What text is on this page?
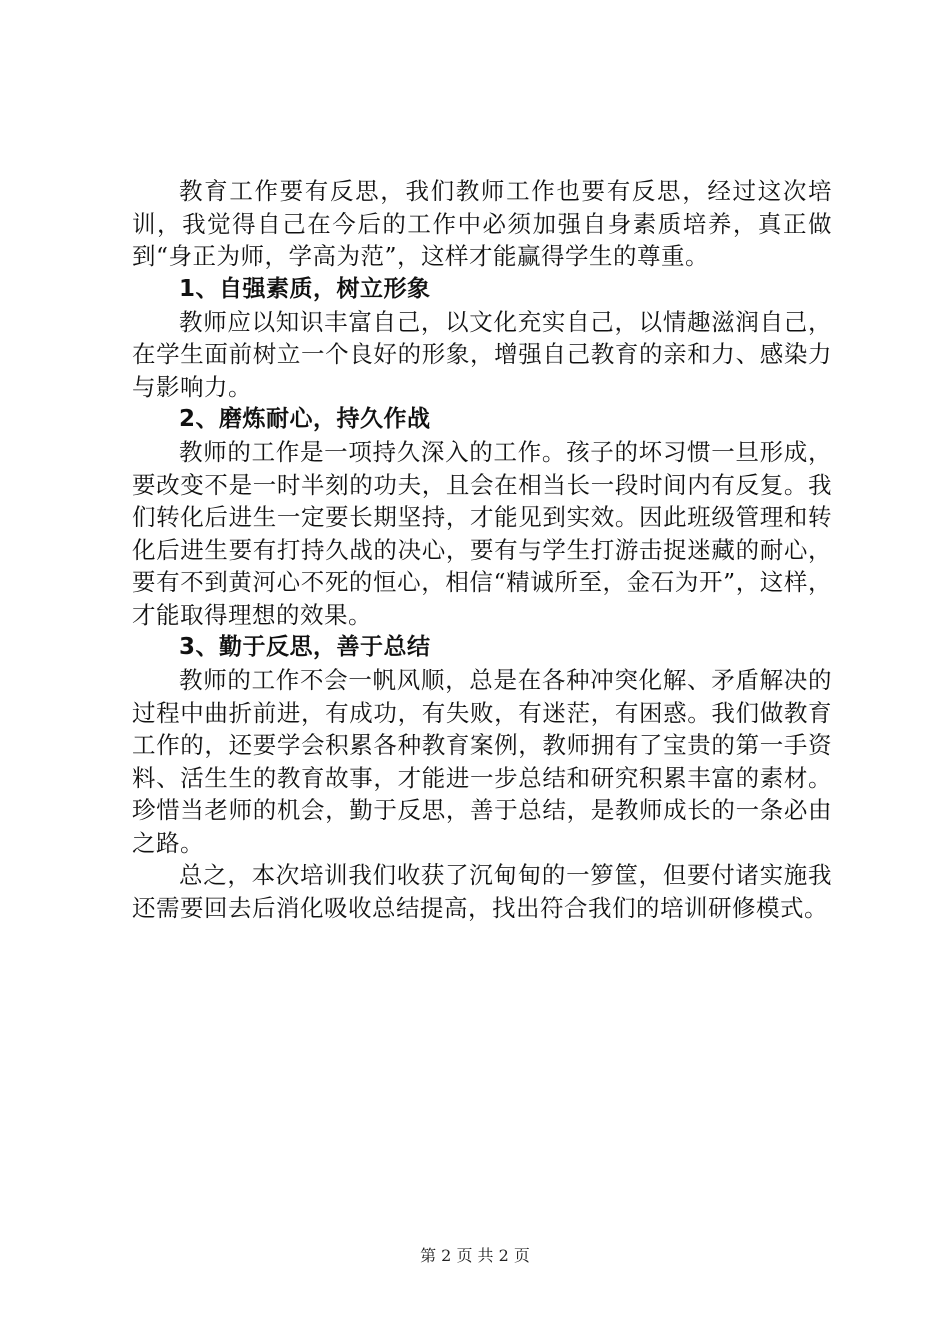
教育工作要有反思，我们教师工作也要有反思，经过这次培训，我觉得自己在今后的工作中必须加强自身素质培养，真正做到“身正为师，学高为范”，这样才能赢得学生的尊重。

1、自强素质，树立形象

教师应以知识丰富自己，以文化充实自己，以情趣滋润自己，在学生面前树立一个良好的形象，增强自己教育的亲和力、感染力与影响力。

2、磨炼耐心，持久作战

教师的工作是一项持久深入的工作。孩子的坏习惯一旦形成，要改变不是一时半刻的功夫，且会在相当长一段时间内有反复。我们转化后进生一定要长期坚持，才能见到实效。因此班级管理和转化后进生要有打持久战的决心，要有与学生打游击捉迷藏的耐心，要有不到黄河心不死的恒心，相信“精诚所至，金石为开”，这样，才能取得理想的效果。

3、勤于反思，善于总结

教师的工作不会一帆风顺，总是在各种冲突化解、矛盾解决的过程中曲折前进，有成功，有失败，有迷茫，有困惑。我们做教育工作的，还要学会积累各种教育案例，教师拥有了宝贵的第一手资料、活生生的教育故事，才能进一步总结和研究积累丰富的素材。珍惜当老师的机会，勤于反思，善于总结，是教师成长的一条必由之路。

总之，本次培训我们收获了沉甸甸的一箩筐，但要付诸实施我还需要回去后消化吸收总结提高，找出符合我们的培训研修模式。

第 2 页 共 2 页
